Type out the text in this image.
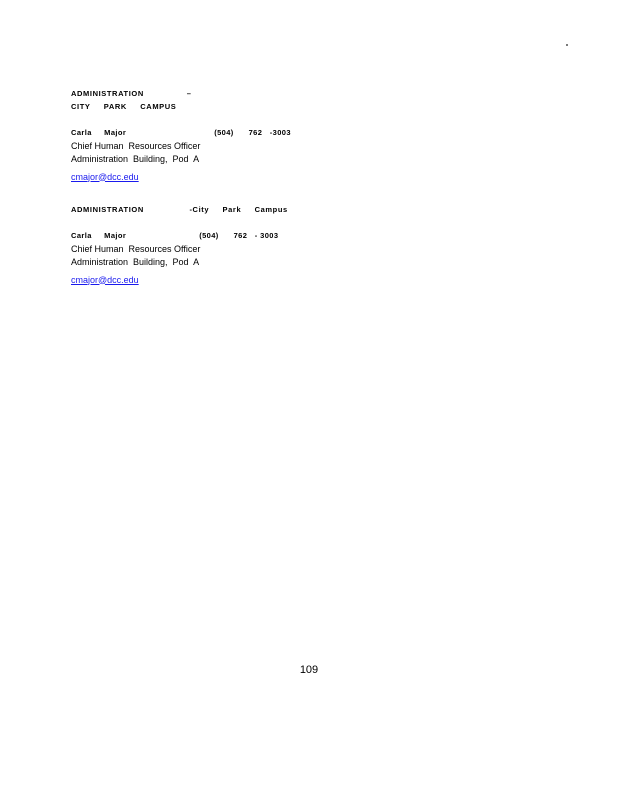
ADMINISTRATION                –
CITY     PARK     CAMPUS
Carla     Major	(504)      762   -3003
Chief Human  Resources Officer
Administration  Building,  Pod  A
cmajor@dcc.edu
ADMINISTRATION                 -City     Park     Campus
Carla     Major	(504)      762   - 3003
Chief Human  Resources Officer
Administration  Building,  Pod  A
cmajor@dcc.edu
109
